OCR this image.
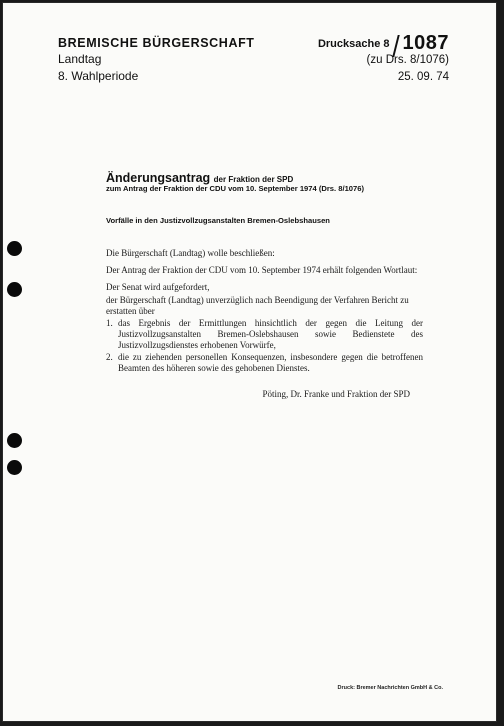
BREMISCHE BÜRGERSCHAFT
Landtag
8. Wahlperiode
Drucksache 8 1087
(zu Drs. 8/1076)
25. 09. 74
Änderungsantrag der Fraktion der SPD
zum Antrag der Fraktion der CDU vom 10. September 1974 (Drs. 8/1076)
Vorfälle in den Justizvollzugsanstalten Bremen-Oslebshausen

Die Bürgerschaft (Landtag) wolle beschließen:

Der Antrag der Fraktion der CDU vom 10. September 1974 erhält folgenden Wortlaut:

Der Senat wird aufgefordert,

der Bürgerschaft (Landtag) unverzüglich nach Beendigung der Verfahren Bericht zu erstatten über

1. das Ergebnis der Ermittlungen hinsichtlich der gegen die Leitung der Justizvollzugsanstalten Bremen-Oslebshausen sowie Bedienstete des Justizvollzugsdienstes erhobenen Vorwürfe,
2. die zu ziehenden personellen Konsequenzen, insbesondere gegen die betroffenen Beamten des höheren sowie des gehobenen Dienstes.
Pöting, Dr. Franke und Fraktion der SPD
Druck: Bremer Nachrichten GmbH & Co.
